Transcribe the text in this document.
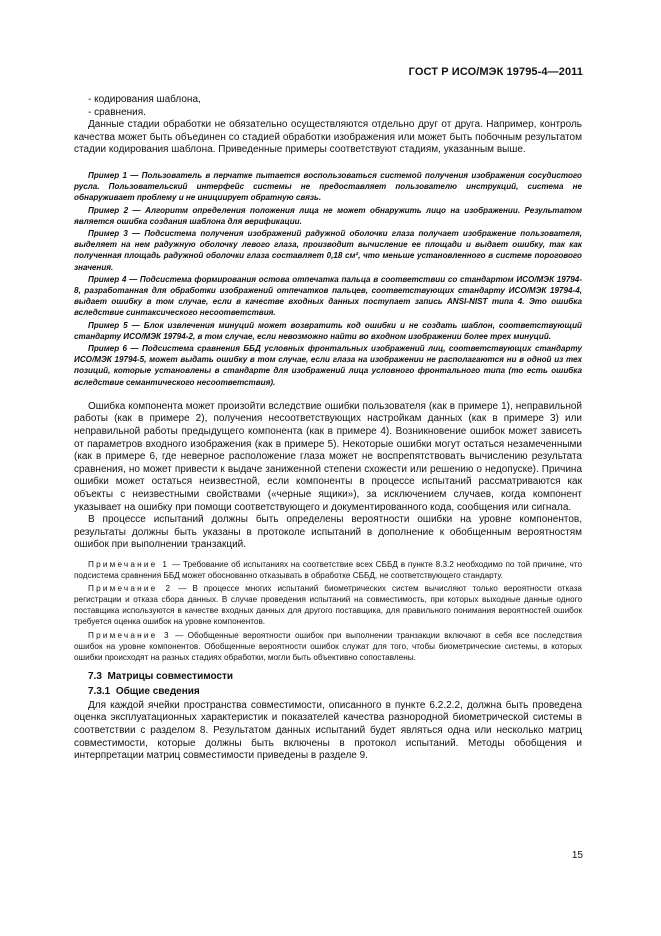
ГОСТ Р ИСО/МЭК 19795-4—2011

- кодирования шаблона,

- сравнения.

Данные стадии обработки не обязательно осуществляются отдельно друг от друга. Например, контроль качества может быть объединен со стадией обработки изображения или может быть побочным результатом стадии кодирования шаблона. Приведенные примеры соответствуют стадиям, указанным выше.

Пример 1 — Пользователь в перчатке пытается воспользоваться системой получения изображения сосудистого русла. Пользовательский интерфейс системы не предоставляет пользователю инструкций, система не обнаруживает проблему и не инициирует обратную связь.

Пример 2 — Алгоритм определения положения лица не может обнаружить лицо на изображении. Результатом является ошибка создания шаблона для верификации.

Пример 3 — Подсистема получения изображений радужной оболочки глаза получает изображение пользователя, выделяет на нем радужную оболочку левого глаза, производит вычисление ее площади и выдает ошибку, так как полученная площадь радужной оболочки глаза составляет 0,18 см², что меньше установленного в системе порогового значения.

Пример 4 — Подсистема формирования остова отпечатка пальца в соответствии со стандартом ИСО/МЭК 19794-8, разработанная для обработки изображений отпечатков пальцев, соответствующих стандарту ИСО/МЭК 19794-4, выдает ошибку в том случае, если в качестве входных данных поступает запись ANSI-NIST типа 4. Это ошибка вследствие синтаксического несоответствия.

Пример 5 — Блок извлечения минуций может возвратить код ошибки и не создать шаблон, соответствующий стандарту ИСО/МЭК 19794-2, в том случае, если невозможно найти во входном изображении более трех минуций.

Пример 6 — Подсистема сравнения ББД условных фронтальных изображений лиц, соответствующих стандарту ИСО/МЭК 19794-5, может выдать ошибку в том случае, если глаза на изображении не располагаются ни в одной из тех позиций, которые установлены в стандарте для изображений лица условного фронтального типа (то есть ошибка вследствие семантического несоответствия).

Ошибка компонента может произойти вследствие ошибки пользователя (как в примере 1), неправильной работы (как в примере 2), получения несоответствующих настройкам данных (как в примере 3) или неправильной работы предыдущего компонента (как в примере 4). Возникновение ошибок может зависеть от параметров входного изображения (как в примере 5). Некоторые ошибки могут остаться незамеченными (как в примере 6, где неверное расположение глаза может не воспрепятствовать вычислению результата сравнения, но может привести к выдаче заниженной степени схожести или решению о недопуске). Причина ошибки может остаться неизвестной, если компоненты в процессе испытаний рассматриваются как объекты с неизвестными свойствами («черные ящики»), за исключением случаев, когда компонент указывает на ошибку при помощи соответствующего и документированного кода, сообщения или сигнала.

В процессе испытаний должны быть определены вероятности ошибки на уровне компонентов, результаты должны быть указаны в протоколе испытаний в дополнение к обобщенным вероятностям ошибок при выполнении транзакций.

Примечание 1 — Требование об испытаниях на соответствие всех СББД в пункте 8.3.2 необходимо по той причине, что подсистема сравнения ББД может обоснованно отказывать в обработке СББД, не соответствующего стандарту.

Примечание 2 — В процессе многих испытаний биометрических систем вычисляют только вероятности отказа регистрации и отказа сбора данных. В случае проведения испытаний на совместимость, при которых выходные данные одного поставщика используются в качестве входных данных для другого поставщика, для правильного понимания вероятностей ошибок требуется оценка ошибок на уровне компонентов.

Примечание 3 — Обобщенные вероятности ошибок при выполнении транзакции включают в себя все последствия ошибок на уровне компонентов. Обобщенные вероятности ошибок служат для того, чтобы биометрические системы, в которых ошибки происходят на разных стадиях обработки, могли быть объективно сопоставлены.

7.3 Матрицы совместимости

7.3.1 Общие сведения

Для каждой ячейки пространства совместимости, описанного в пункте 6.2.2.2, должна быть проведена оценка эксплуатационных характеристик и показателей качества разнородной биометрической системы в соответствии с разделом 8. Результатом данных испытаний будет являться одна или несколько матриц совместимости, которые должны быть включены в протокол испытаний. Методы обобщения и интерпретации матриц совместимости приведены в разделе 9.

15
